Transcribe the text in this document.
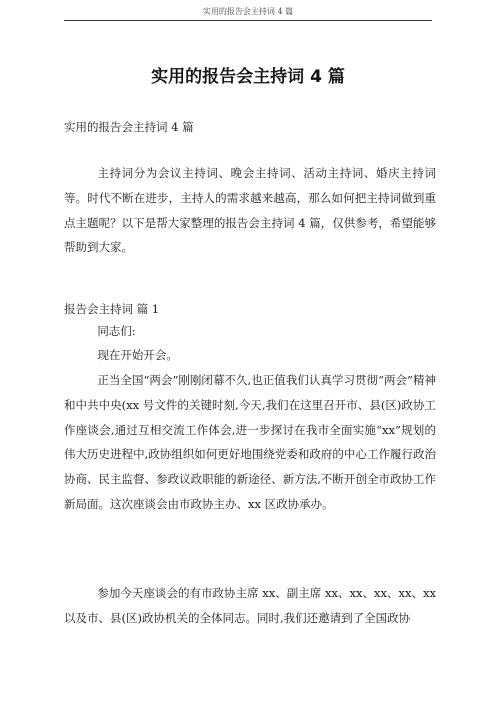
实用的报告会主持词 4 篇
实用的报告会主持词 4 篇
实用的报告会主持词 4 篇

主持词分为会议主持词、晚会主持词、活动主持词、婚庆主持词等。时代不断在进步，主持人的需求越来越高，那么如何把主持词做到重点主题呢？以下是帮大家整理的报告会主持词 4 篇，仅供参考，希望能够帮助到大家。

报告会主持词 篇 1

同志们:

现在开始开会。

正当全国“两会”刚刚闭幕不久,也正值我们认真学习贯彻“两会”精神和中共中央(xx 号文件的关键时刻,今天,我们在这里召开市、县(区)政协工作座谈会,通过互相交流工作体会,进一步探讨在我市全面实施“xx”规划的伟大历史进程中,政协组织如何更好地围绕党委和政府的中心工作履行政治协商、民主监督、参政议政职能的新途径、新方法,不断开创全市政协工作新局面。这次座谈会由市政协主办、xx 区政协承办。

参加今天座谈会的有市政协主席 xx、副主席 xx、xx、xx、xx、xx 以及市、县(区)政协机关的全体同志。同时,我们还邀请到了全国政协
